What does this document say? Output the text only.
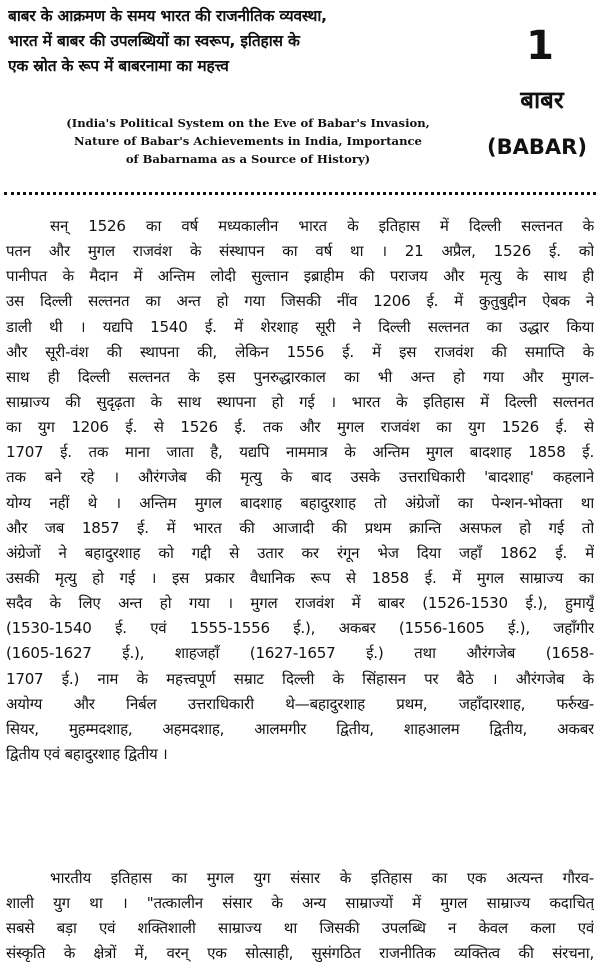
बाबर के आक्रमण के समय भारत की राजनीतिक व्यवस्था,
भारत में बाबर की उपलब्धियों का स्वरूप, इतिहास के
एक स्रोत के रूप में बाबरनामा का महत्त्व	1
बाबर
(BABAR)
(India's Political System on the Eve of Babar's Invasion,
Nature of Babar's Achievements in India, Importance
of Babarnama as a Source of History)
सन् 1526 का वर्ष मध्यकालीन भारत के इतिहास में दिल्ली सल्तनत के
पतन और मुगल राजवंश के संस्थापन का वर्ष था । 21 अप्रैल, 1526 ई. को
पानीपत के मैदान में अन्तिम लोदी सुल्तान इब्राहीम की पराजय और मृत्यु के साथ ही
उस दिल्ली सल्तनत का अन्त हो गया जिसकी नींव 1206 ई. में कुतुबुद्दीन ऐबक ने
डाली थी । यद्यपि 1540 ई. में शेरशाह सूरी ने दिल्ली सल्तनत का उद्धार किया
और सूरी-वंश की स्थापना की, लेकिन 1556 ई. में इस राजवंश की समाप्ति के
साथ ही दिल्ली सल्तनत के इस पुनरुद्धारकाल का भी अन्त हो गया और मुगल-
साम्राज्य की सुदृढ़ता के साथ स्थापना हो गई । भारत के इतिहास में दिल्ली सल्तनत
का युग 1206 ई. से 1526 ई. तक और मुगल राजवंश का युग 1526 ई. से
1707 ई. तक माना जाता है, यद्यपि नाममात्र के अन्तिम मुगल बादशाह 1858 ई.
तक बने रहे । औरंगजेब की मृत्यु के बाद उसके उत्तराधिकारी 'बादशाह' कहलाने
योग्य नहीं थे । अन्तिम मुगल बादशाह बहादुरशाह तो अंग्रेजों का पेन्शन-भोक्ता था
और जब 1857 ई. में भारत की आजादी की प्रथम क्रान्ति असफल हो गई तो
अंग्रेजों ने बहादुरशाह को गद्दी से उतार कर रंगून भेज दिया जहाँ 1862 ई. में
उसकी मृत्यु हो गई । इस प्रकार वैधानिक रूप से 1858 ई. में मुगल साम्राज्य का
सदैव के लिए अन्त हो गया । मुगल राजवंश में बाबर (1526-1530 ई.), हुमायूँ
(1530-1540 ई. एवं 1555-1556 ई.), अकबर (1556-1605 ई.), जहाँगीर
(1605-1627 ई.), शाहजहाँ (1627-1657 ई.) तथा औरंगजेब (1658-
1707 ई.) नाम के महत्त्वपूर्ण सम्राट दिल्ली के सिंहासन पर बैठे । औरंगजेब के
अयोग्य और निर्बल उत्तराधिकारी थे—बहादुरशाह प्रथम, जहाँदारशाह, फर्रुख-
सियर, मुहम्मदशाह, अहमदशाह, आलमगीर द्वितीय, शाहआलम द्वितीय, अकबर
द्वितीय एवं बहादुरशाह द्वितीय ।
भारतीय इतिहास का मुगल युग संसार के इतिहास का एक अत्यन्त गौरव-
शाली युग था । "तत्कालीन संसार के अन्य साम्राज्यों में मुगल साम्राज्य कदाचित्
सबसे बड़ा एवं शक्तिशाली साम्राज्य था जिसकी उपलब्धि न केवल कला एवं
संस्कृति के क्षेत्रों में, वरन् एक सोत्साही, सुसंगठित राजनीतिक व्यक्तित्व की संरचना,
